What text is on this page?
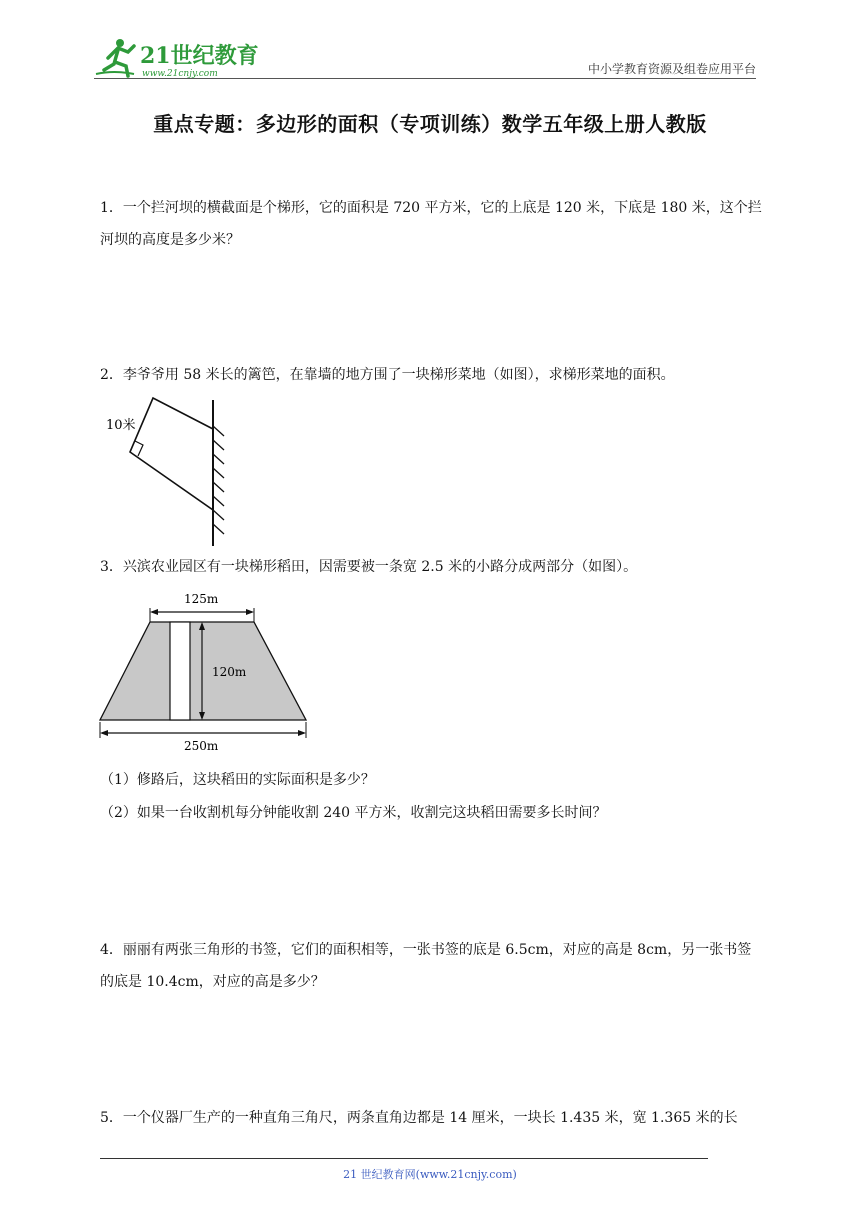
21世纪教育
www.21cnjy.com	中小学教育资源及组卷应用平台
重点专题：多边形的面积（专项训练）数学五年级上册人教版
1．一个拦河坝的横截面是个梯形，它的面积是 720 平方米，它的上底是 120 米，下底是 180 米，这个拦河坝的高度是多少米？
2．李爷爷用 58 米长的篱笆，在靠墙的地方围了一块梯形菜地（如图），求梯形菜地的面积。
10米
3．兴滨农业园区有一块梯形稻田，因需要被一条宽 2.5 米的小路分成两部分（如图）。
125m
120m
250m
（1）修路后，这块稻田的实际面积是多少？
（2）如果一台收割机每分钟能收割 240 平方米，收割完这块稻田需要多长时间？
4．丽丽有两张三角形的书签，它们的面积相等，一张书签的底是 6.5cm，对应的高是 8cm，另一张书签的底是 10.4cm，对应的高是多少？
5．一个仪器厂生产的一种直角三角尺，两条直角边都是 14 厘米，一块长 1.435 米，宽 1.365 米的长
21 世纪教育网(www.21cnjy.com)
